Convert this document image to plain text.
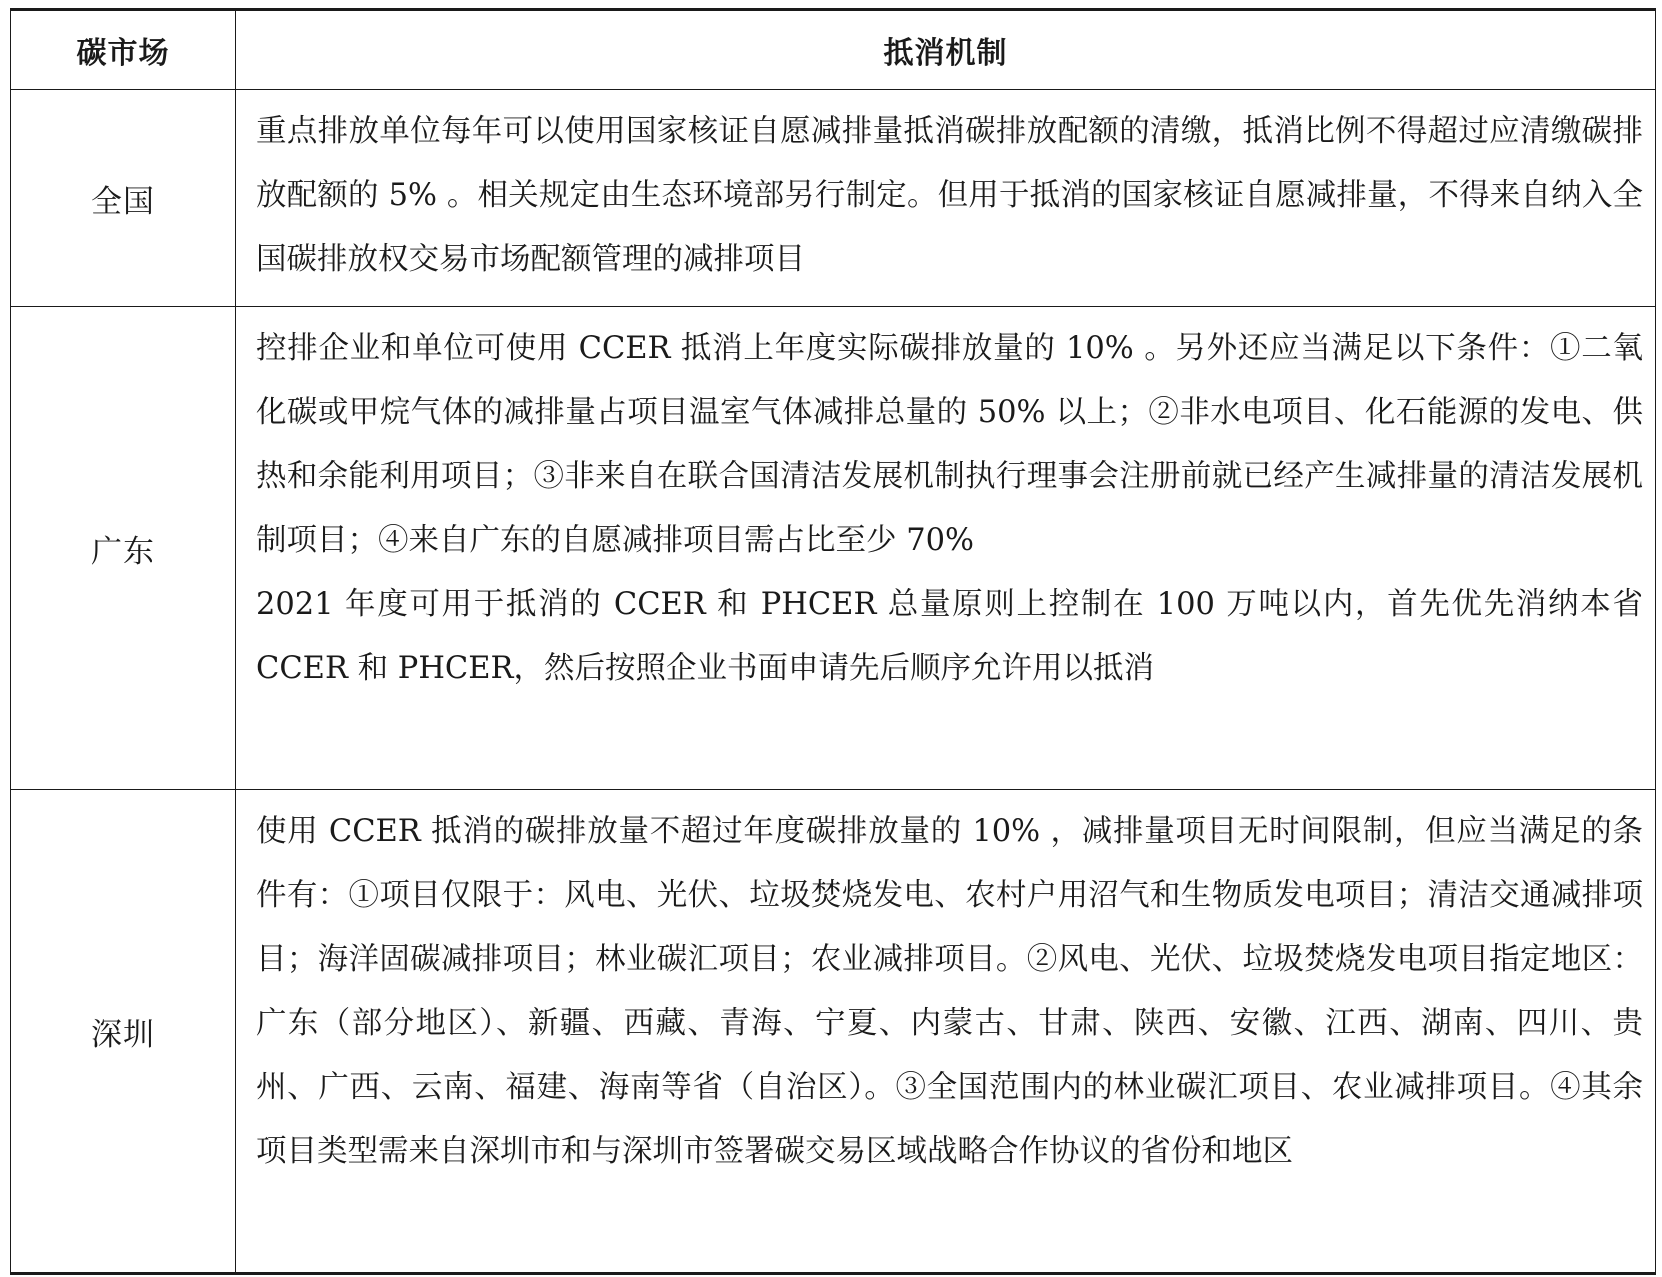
碳市场	抵消机制
全国	重点排放单位每年可以使用国家核证自愿减排量抵消碳排放配额的清缴，抵消比例不得超过应清缴碳排放配额的 5% 。相关规定由生态环境部另行制定。但用于抵消的国家核证自愿减排量，不得来自纳入全国碳排放权交易市场配额管理的减排项目

广东	控排企业和单位可使用 CCER 抵消上年度实际碳排放量的 10% 。另外还应当满足以下条件：①二氧化碳或甲烷气体的减排量占项目温室气体减排总量的 50% 以上；②非水电项目、化石能源的发电、供热和余能利用项目；③非来自在联合国清洁发展机制执行理事会注册前就已经产生减排量的清洁发展机制项目；④来自广东的自愿减排项目需占比至少 70%

2021 年度可用于抵消的 CCER 和 PHCER 总量原则上控制在 100 万吨以内，首先优先消纳本省 CCER 和 PHCER，然后按照企业书面申请先后顺序允许用以抵消

深圳	使用 CCER 抵消的碳排放量不超过年度碳排放量的 10% ，减排量项目无时间限制，但应当满足的条件有：①项目仅限于：风电、光伏、垃圾焚烧发电、农村户用沼气和生物质发电项目；清洁交通减排项目；海洋固碳减排项目；林业碳汇项目；农业减排项目。②风电、光伏、垃圾焚烧发电项目指定地区：广东（部分地区）、新疆、西藏、青海、宁夏、内蒙古、甘肃、陕西、安徽、江西、湖南、四川、贵州、广西、云南、福建、海南等省（自治区）。③全国范围内的林业碳汇项目、农业减排项目。④其余项目类型需来自深圳市和与深圳市签署碳交易区域战略合作协议的省份和地区
